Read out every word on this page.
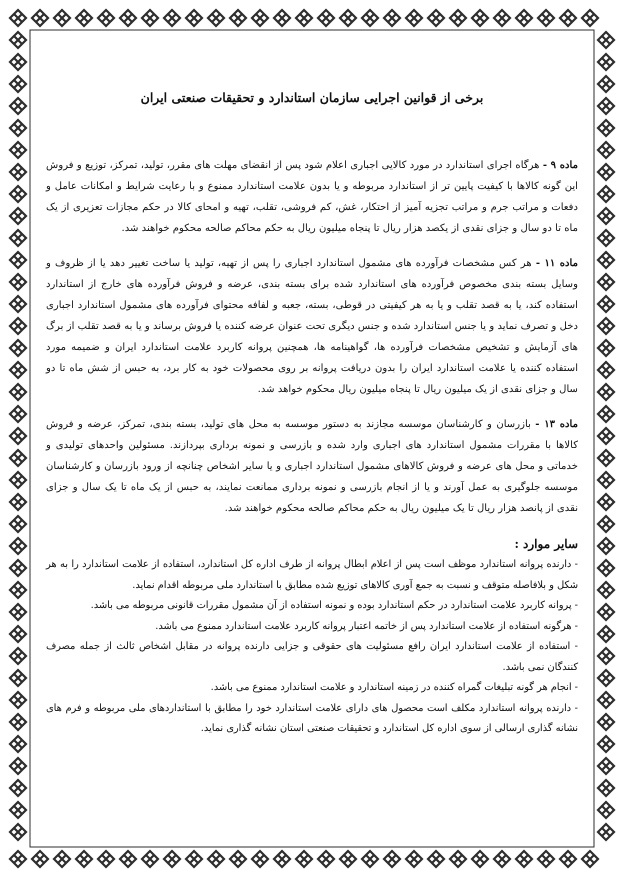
برخی از قوانین اجرایی سازمان استاندارد و تحقیقات صنعتی ایران

ماده ۹ - هرگاه اجرای استاندارد در مورد کالایی اجباری اعلام شود پس از انقضای مهلت های مقرر، تولید، تمرکز، توزیع و فروش این گونه کالاها با کیفیت پایین تر از استاندارد مربوطه و یا بدون علامت استاندارد ممنوع و با رعایت شرایط و امکانات عامل و دفعات و مراتب جرم و مراتب تجزیه آمیز از احتکار، غش، کم فروشی، تقلب، تهیه و امحای کالا در حکم مجازات تعزیری از یک ماه تا دو سال و جزای نقدی از یکصد هزار ریال تا پنجاه میلیون ریال به حکم محاکم صالحه محکوم خواهند شد.

ماده ۱۱ - هر کس مشخصات فرآورده های مشمول استاندارد اجباری را پس از تهیه، تولید یا ساخت تغییر دهد یا از ظروف و وسایل بسته بندی مخصوص فرآورده های استاندارد شده برای بسته بندی، عرضه و فروش فرآورده های خارج از استاندارد استفاده کند، یا به قصد تقلب و یا به هر کیفیتی در قوطی، بسته، جعبه و لفافه محتوای فرآورده های مشمول استاندارد اجباری دخل و تصرف نماید و یا جنس استاندارد شده و جنس دیگری تحت عنوان عرضه کننده یا فروش برساند و یا به قصد تقلب از برگ های آزمایش و تشخیص مشخصات فرآورده ها، گواهینامه ها، همچنین پروانه کاربرد علامت استاندارد ایران و ضمیمه مورد استفاده کننده یا علامت استاندارد ایران را بدون دریافت پروانه بر روی محصولات خود به کار برد، به حبس از شش ماه تا دو سال و جزای نقدی از یک میلیون ریال تا پنجاه میلیون ریال محکوم خواهد شد.

ماده ۱۳ - بازرسان و کارشناسان موسسه مجازند به دستور موسسه به محل های تولید، بسته بندی، تمرکز، عرضه و فروش کالاها با مقررات مشمول استاندارد های اجباری وارد شده و بازرسی و نمونه برداری بپردازند. مسئولین واحدهای تولیدی و خدماتی و محل های عرضه و فروش کالاهای مشمول استاندارد اجباری و یا سایر اشخاص چنانچه از ورود بازرسان و کارشناسان موسسه جلوگیری به عمل آورند و یا از انجام بازرسی و نمونه برداری ممانعت نمایند، به حبس از یک ماه تا یک سال و جزای نقدی از پانصد هزار ریال تا یک میلیون ریال به حکم محاکم صالحه محکوم خواهند شد.

سایر موارد :

- دارنده پروانه استاندارد موظف است پس از اعلام ابطال پروانه از طرف اداره کل استاندارد، استفاده از علامت استاندارد را به هر شکل و بلافاصله متوقف و نسبت به جمع آوری کالاهای توزیع شده مطابق با استاندارد ملی مربوطه اقدام نماید.

- پروانه کاربرد علامت استاندارد در حکم استاندارد بوده و نمونه استفاده از آن مشمول مقررات قانونی مربوطه می باشد.

- هرگونه استفاده از علامت استاندارد پس از خاتمه اعتبار پروانه کاربرد علامت استاندارد ممنوع می باشد.

- استفاده از علامت استاندارد ایران رافع مسئولیت های حقوقی و جزایی دارنده پروانه در مقابل اشخاص ثالث از جمله مصرف کنندگان نمی باشد.

- انجام هر گونه تبلیغات گمراه کننده در زمینه استاندارد و علامت استاندارد ممنوع می باشد.

- دارنده پروانه استاندارد مکلف است محصول های دارای علامت استاندارد خود را مطابق با استانداردهای ملی مربوطه و فرم های نشانه گذاری ارسالی از سوی اداره کل استاندارد و تحقیقات صنعتی استان نشانه گذاری نماید.
